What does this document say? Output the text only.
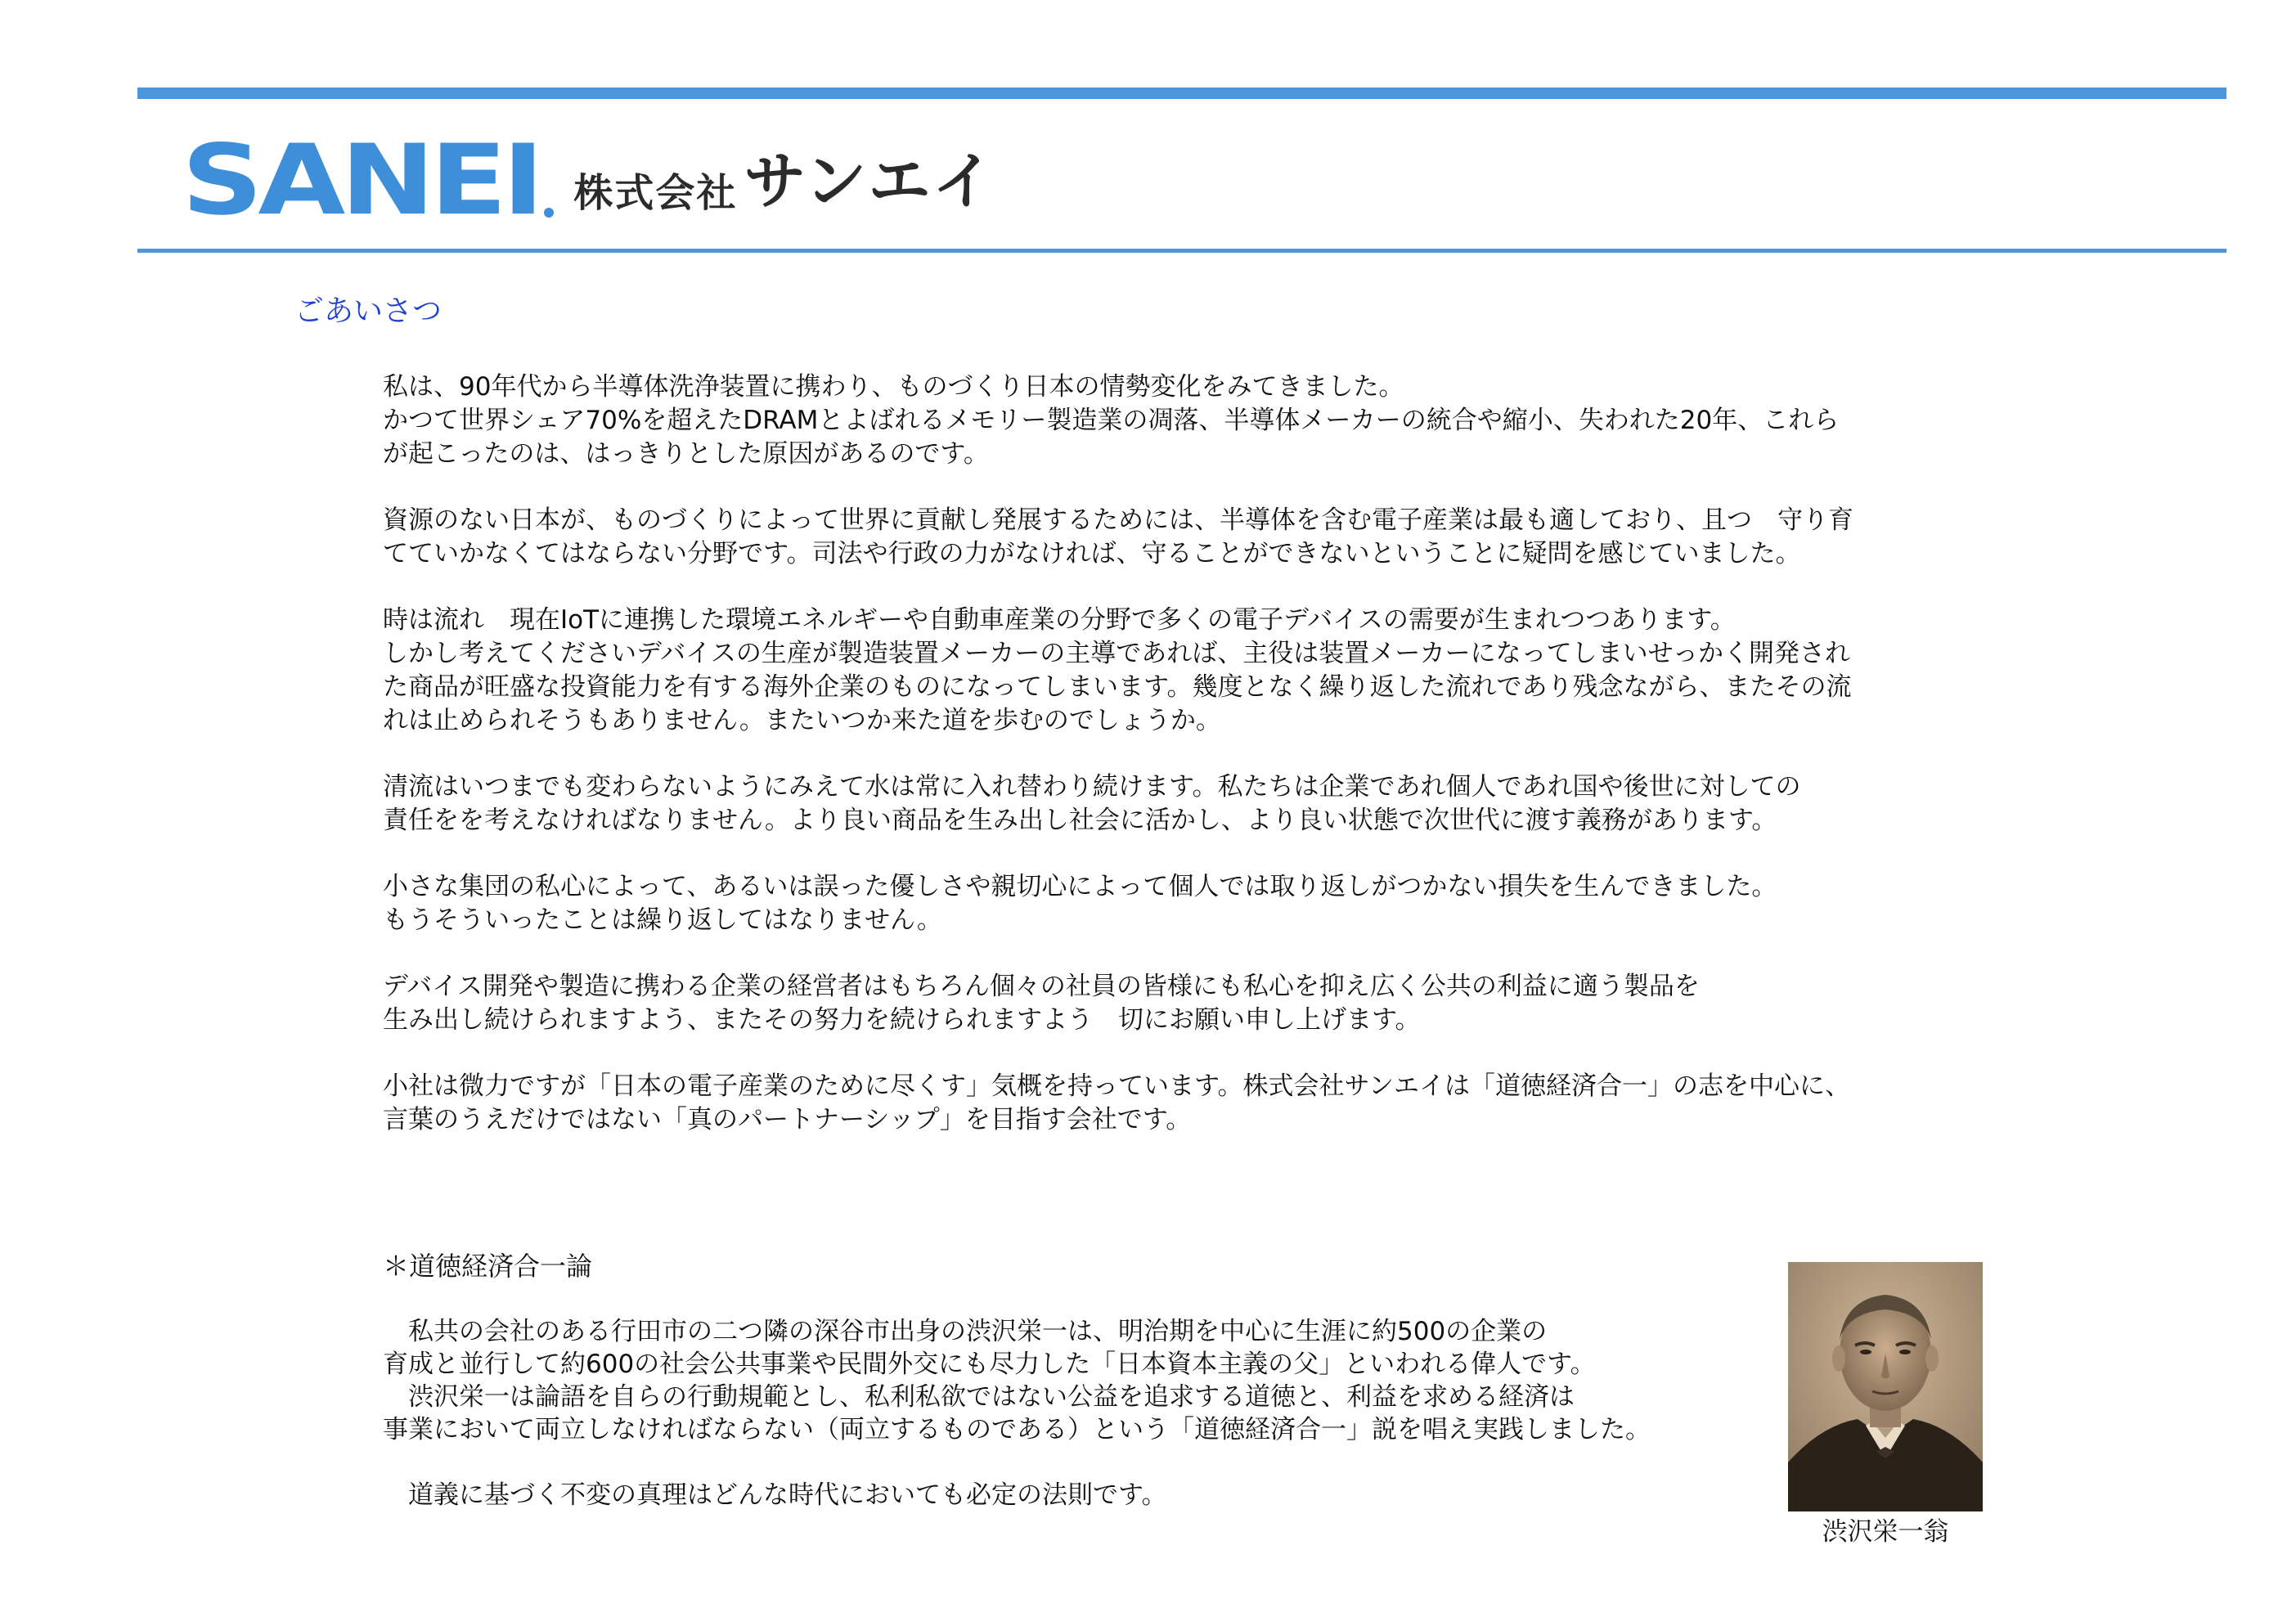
SANEI 株式会社 サンエイ
ごあいさつ
私は、90年代から半導体洗浄装置に携わり、ものづくり日本の情勢変化をみてきました。
かつて世界シェア70%を超えたDRAMとよばれるメモリー製造業の凋落、半導体メーカーの統合や縮小、失われた20年、これら
が起こったのは、はっきりとした原因があるのです。
資源のない日本が、ものづくりによって世界に貢献し発展するためには、半導体を含む電子産業は最も適しており、且つ　守り育
てていかなくてはならない分野です。司法や行政の力がなければ、守ることができないということに疑問を感じていました。
時は流れ　現在IoTに連携した環境エネルギーや自動車産業の分野で多くの電子デバイスの需要が生まれつつあります。
しかし考えてくださいデバイスの生産が製造装置メーカーの主導であれば、主役は装置メーカーになってしまいせっかく開発され
た商品が旺盛な投資能力を有する海外企業のものになってしまいます。幾度となく繰り返した流れであり残念ながら、またその流
れは止められそうもありません。またいつか来た道を歩むのでしょうか。
清流はいつまでも変わらないようにみえて水は常に入れ替わり続けます。私たちは企業であれ個人であれ国や後世に対しての
責任をを考えなければなりません。より良い商品を生み出し社会に活かし、より良い状態で次世代に渡す義務があります。
小さな集団の私心によって、あるいは誤った優しさや親切心によって個人では取り返しがつかない損失を生んできました。
もうそういったことは繰り返してはなりません。
デバイス開発や製造に携わる企業の経営者はもちろん個々の社員の皆様にも私心を抑え広く公共の利益に適う製品を
生み出し続けられますよう、またその努力を続けられますよう　切にお願い申し上げます。
小社は微力ですが「日本の電子産業のために尽くす」気概を持っています。株式会社サンエイは「道徳経済合一」の志を中心に、
言葉のうえだけではない「真のパートナーシップ」を目指す会社です。
＊道徳経済合一論
　私共の会社のある行田市の二つ隣の深谷市出身の渋沢栄一は、明治期を中心に生涯に約500の企業の
育成と並行して約600の社会公共事業や民間外交にも尽力した「日本資本主義の父」といわれる偉人です。
　渋沢栄一は論語を自らの行動規範とし、私利私欲ではない公益を追求する道徳と、利益を求める経済は
事業において両立しなければならない（両立するものである）という「道徳経済合一」説を唱え実践しました。
　道義に基づく不変の真理はどんな時代においても必定の法則です。
渋沢栄一翁
